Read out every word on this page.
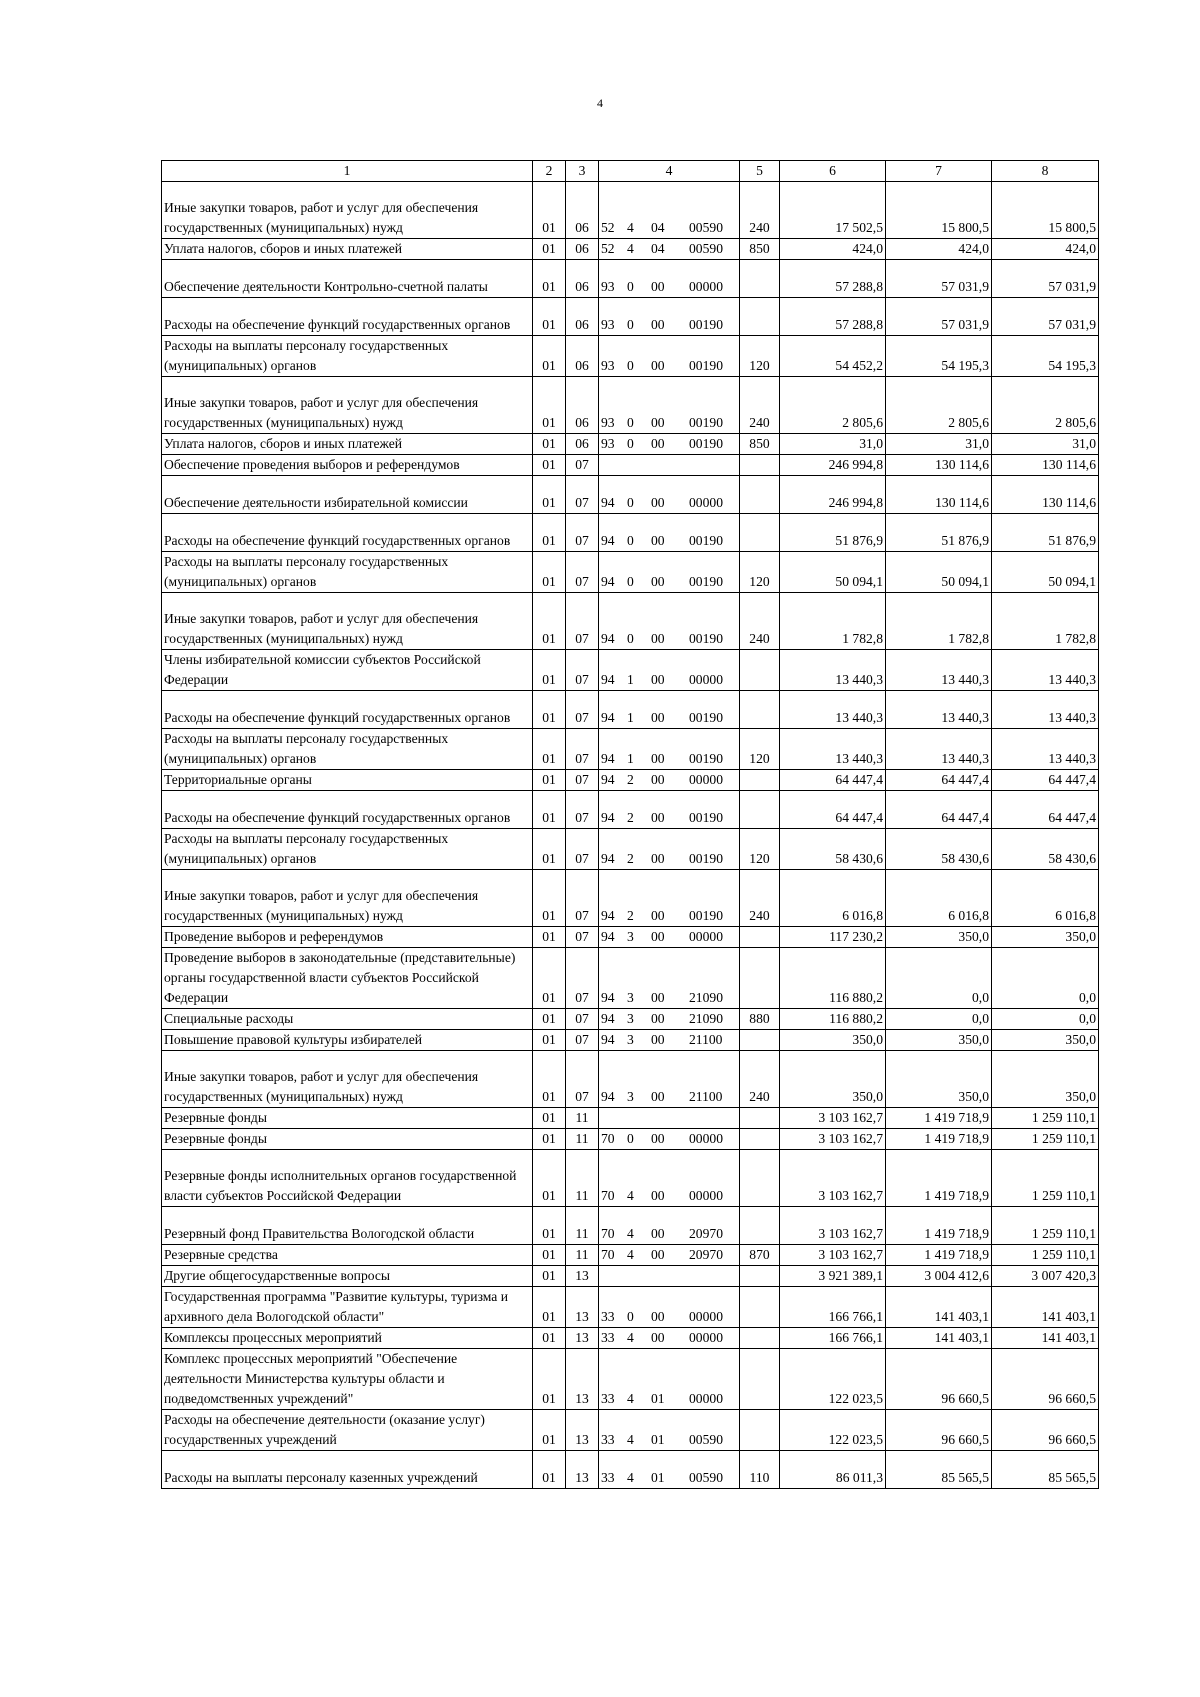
4
1	2	3	4	5	6	7	8
Иные закупки товаров, работ и услуг для обеспечения государственных (муниципальных) нужд	01	06	52 4 04 00590	240	17 502,5	15 800,5	15 800,5
Уплата налогов, сборов и иных платежей	01	06	52 4 04 00590	850	424,0	424,0	424,0
Обеспечение деятельности Контрольно-счетной палаты	01	06	93 0 00 00000		57 288,8	57 031,9	57 031,9
Расходы на обеспечение функций государственных органов	01	06	93 0 00 00190		57 288,8	57 031,9	57 031,9
Расходы на выплаты персоналу государственных (муниципальных) органов	01	06	93 0 00 00190	120	54 452,2	54 195,3	54 195,3
Иные закупки товаров, работ и услуг для обеспечения государственных (муниципальных) нужд	01	06	93 0 00 00190	240	2 805,6	2 805,6	2 805,6
Уплата налогов, сборов и иных платежей	01	06	93 0 00 00190	850	31,0	31,0	31,0
Обеспечение проведения выборов и референдумов	01	07			246 994,8	130 114,6	130 114,6
Обеспечение деятельности избирательной комиссии	01	07	94 0 00 00000		246 994,8	130 114,6	130 114,6
Расходы на обеспечение функций государственных органов	01	07	94 0 00 00190		51 876,9	51 876,9	51 876,9
Расходы на выплаты персоналу государственных (муниципальных) органов	01	07	94 0 00 00190	120	50 094,1	50 094,1	50 094,1
Иные закупки товаров, работ и услуг для обеспечения государственных (муниципальных) нужд	01	07	94 0 00 00190	240	1 782,8	1 782,8	1 782,8
Члены избирательной комиссии субъектов Российской Федерации	01	07	94 1 00 00000		13 440,3	13 440,3	13 440,3
Расходы на обеспечение функций государственных органов	01	07	94 1 00 00190		13 440,3	13 440,3	13 440,3
Расходы на выплаты персоналу государственных (муниципальных) органов	01	07	94 1 00 00190	120	13 440,3	13 440,3	13 440,3
Территориальные органы	01	07	94 2 00 00000		64 447,4	64 447,4	64 447,4
Расходы на обеспечение функций государственных органов	01	07	94 2 00 00190		64 447,4	64 447,4	64 447,4
Расходы на выплаты персоналу государственных (муниципальных) органов	01	07	94 2 00 00190	120	58 430,6	58 430,6	58 430,6
Иные закупки товаров, работ и услуг для обеспечения государственных (муниципальных) нужд	01	07	94 2 00 00190	240	6 016,8	6 016,8	6 016,8
Проведение выборов и референдумов	01	07	94 3 00 00000		117 230,2	350,0	350,0
Проведение выборов в законодательные (представительные) органы государственной власти субъектов Российской Федерации	01	07	94 3 00 21090		116 880,2	0,0	0,0
Специальные расходы	01	07	94 3 00 21090	880	116 880,2	0,0	0,0
Повышение правовой культуры избирателей	01	07	94 3 00 21100		350,0	350,0	350,0
Иные закупки товаров, работ и услуг для обеспечения государственных (муниципальных) нужд	01	07	94 3 00 21100	240	350,0	350,0	350,0
Резервные фонды	01	11			3 103 162,7	1 419 718,9	1 259 110,1
Резервные фонды	01	11	70 0 00 00000		3 103 162,7	1 419 718,9	1 259 110,1
Резервные фонды исполнительных органов государственной власти субъектов Российской Федерации	01	11	70 4 00 00000		3 103 162,7	1 419 718,9	1 259 110,1
Резервный фонд Правительства Вологодской области	01	11	70 4 00 20970		3 103 162,7	1 419 718,9	1 259 110,1
Резервные средства	01	11	70 4 00 20970	870	3 103 162,7	1 419 718,9	1 259 110,1
Другие общегосударственные вопросы	01	13			3 921 389,1	3 004 412,6	3 007 420,3
Государственная программа "Развитие культуры, туризма и архивного дела Вологодской области"	01	13	33 0 00 00000		166 766,1	141 403,1	141 403,1
Комплексы процессных мероприятий	01	13	33 4 00 00000		166 766,1	141 403,1	141 403,1
Комплекс процессных мероприятий "Обеспечение деятельности Министерства культуры области и подведомственных учреждений"	01	13	33 4 01 00000		122 023,5	96 660,5	96 660,5
Расходы на обеспечение деятельности (оказание услуг) государственных учреждений	01	13	33 4 01 00590		122 023,5	96 660,5	96 660,5
Расходы на выплаты персоналу казенных учреждений	01	13	33 4 01 00590	110	86 011,3	85 565,5	85 565,5
